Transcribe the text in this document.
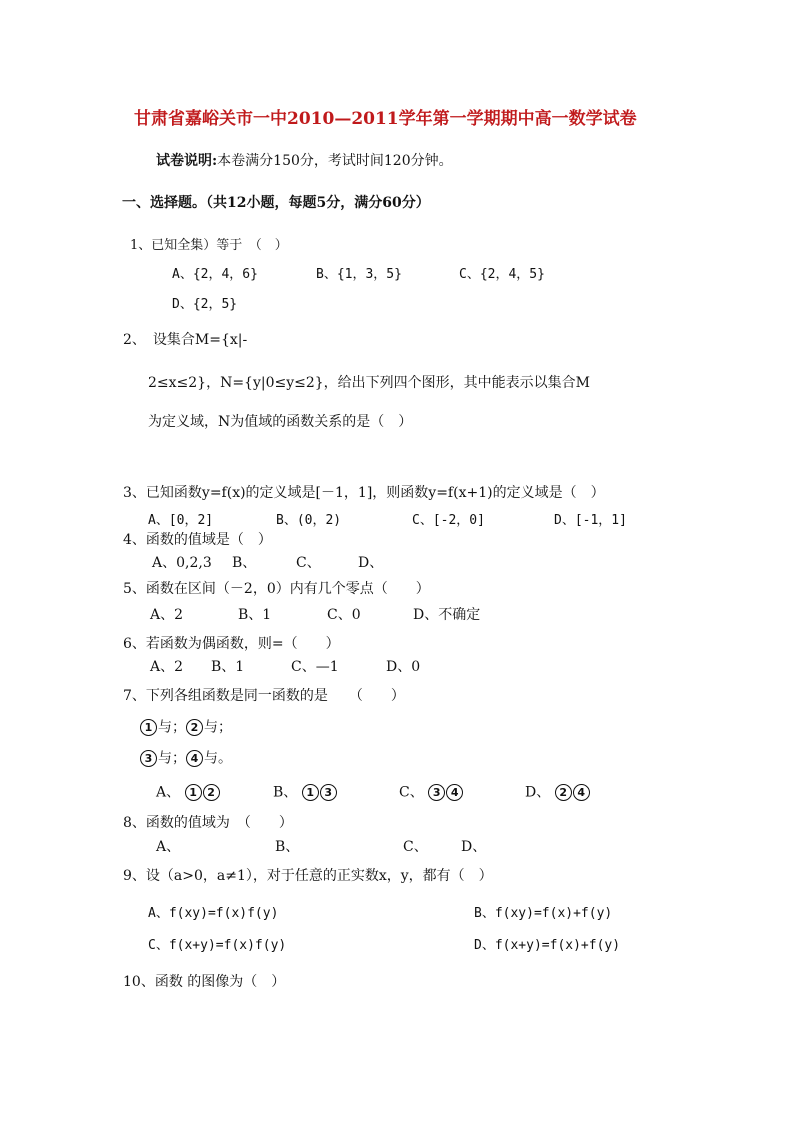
甘肃省嘉峪关市一中2010—2011学年第一学期期中高一数学试卷
试卷说明:本卷满分150分，考试时间120分钟。
一、选择题。（共12小题，每题5分，满分60分）
1、已知全集）等于　（　）
A、{2，4，6}	B、{1，3，5}	C、{2，4，5}
D、{2，5}
2、　设集合M={x|-
2≤x≤2}，N={y|0≤y≤2}，给出下列四个图形，其中能表示以集合M
为定义域，N为值域的函数关系的是（　）
3、已知函数y=f(x)的定义域是[－1，1]，则函数y=f(x+1)的定义域是（　）
A、[0，2]	B、(0，2)	C、[-2，0]	D、[-1，1]
4、函数的值域是（　）
A、0,2,3 B、	C、	D、
5、函数在区间（－2，0）内有几个零点（　　）
A、2	B、1	C、0	D、不确定
6、若函数为偶函数，则=（　　）
A、2 B、1	C、—1	D、0
7、下列各组函数是同一函数的是　　（　　）
1 与； 2 与；
3 与； 4 与。
A、 1 2	B、 1 3	C、 3 4	D、 2 4
8、函数的值域为　（　　）
A、	B、	C、 D、
9、设（a>0，a≠1），对于任意的正实数x，y，都有（　）
A、f(xy)=f(x)f(y)	B、f(xy)=f(x)+f(y)
C、f(x+y)=f(x)f(y)	D、f(x+y)=f(x)+f(y)
10、函数 的图像为（　）
